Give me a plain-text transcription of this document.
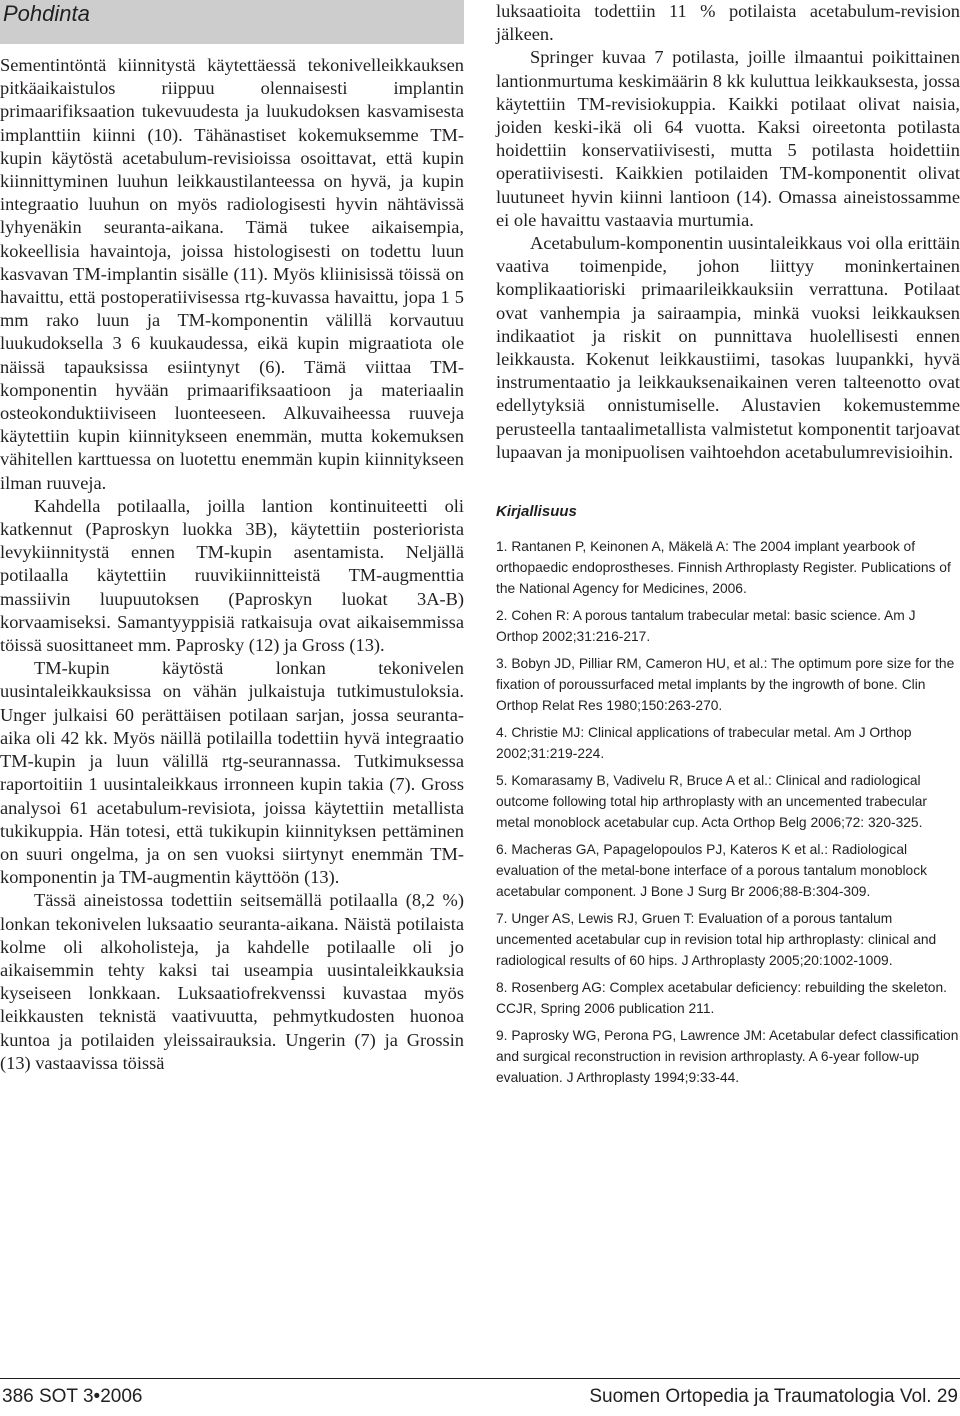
Pohdinta

Sementintöntä kiinnitystä käytettäessä tekonivelleikkauksen pitkäaikaistulos riippuu olennaisesti implantin primaarifiksaation tukevuudesta ja luukudoksen kasvamisesta implanttiin kiinni (10). Tähänastiset kokemuksemme TM-kupin käytöstä acetabulum-revisioissa osoittavat, että kupin kiinnittyminen luuhun leikkaustilanteessa on hyvä, ja kupin integraatio luuhun on myös radiologisesti hyvin nähtävissä lyhyenäkin seuranta-aikana. Tämä tukee aikaisempia, kokeellisia havaintoja, joissa histologisesti on todettu luun kasvavan TM-implantin sisälle (11). Myös kliinisissä töissä on havaittu, että postoperatiivisessa rtg-kuvassa havaittu, jopa 1 5 mm rako luun ja TM-komponentin välillä korvautuu luukudoksella 3 6 kuukaudessa, eikä kupin migraatiota ole näissä tapauksissa esiintynyt (6). Tämä viittaa TM-komponentin hyvään primaarifiksaatioon ja materiaalin osteokonduktiiviseen luonteeseen. Alkuvaiheessa ruuveja käytettiin kupin kiinnitykseen enemmän, mutta kokemuksen vähitellen karttuessa on luotettu enemmän kupin kiinnitykseen ilman ruuveja.

Kahdella potilaalla, joilla lantion kontinuiteetti oli katkennut (Paproskyn luokka 3B), käytettiin posteriorista levykiinnitystä ennen TM-kupin asentamista. Neljällä potilaalla käytettiin ruuvikiinnitteistä TM-augmenttia massiivin luupuutoksen (Paproskyn luokat 3A-B) korvaamiseksi. Samantyyppisiä ratkaisuja ovat aikaisemmissa töissä suosittaneet mm. Paprosky (12) ja Gross (13).

TM-kupin käytöstä lonkan tekonivelen uusintaleikkauksissa on vähän julkaistuja tutkimustuloksia. Unger julkaisi 60 perättäisen potilaan sarjan, jossa seuranta-aika oli 42 kk. Myös näillä potilailla todettiin hyvä integraatio TM-kupin ja luun välillä rtg-seurannassa. Tutkimuksessa raportoitiin 1 uusintaleikkaus irronneen kupin takia (7). Gross analysoi 61 acetabulum-revisiota, joissa käytettiin metallista tukikuppia. Hän totesi, että tukikupin kiinnityksen pettäminen on suuri ongelma, ja on sen vuoksi siirtynyt enemmän TM-komponentin ja TM-augmentin käyttöön (13).

Tässä aineistossa todettiin seitsemällä potilaalla (8,2 %) lonkan tekonivelen luksaatio seuranta-aikana. Näistä potilaista kolme oli alkoholisteja, ja kahdelle potilaalle oli jo aikaisemmin tehty kaksi tai useampia uusintaleikkauksia kyseiseen lonkkaan. Luksaatiofrekvenssi kuvastaa myös leikkausten teknistä vaativuutta, pehmytkudosten huonoa kuntoa ja potilaiden yleissairauksia. Ungerin (7) ja Grossin (13) vastaavissa töissä

luksaatioita todettiin 11 % potilaista acetabulum-revision jälkeen.

Springer kuvaa 7 potilasta, joille ilmaantui poikittainen lantionmurtuma keskimäärin 8 kk kuluttua leikkauksesta, jossa käytettiin TM-revisiokuppia. Kaikki potilaat olivat naisia, joiden keski-ikä oli 64 vuotta. Kaksi oireetonta potilasta hoidettiin konservatiivisesti, mutta 5 potilasta hoidettiin operatiivisesti. Kaikkien potilaiden TM-komponentit olivat luutuneet hyvin kiinni lantioon (14). Omassa aineistossamme ei ole havaittu vastaavia murtumia.

Acetabulum-komponentin uusintaleikkaus voi olla erittäin vaativa toimenpide, johon liittyy moninkertainen komplikaatioriski primaarileikkauksiin verrattuna. Potilaat ovat vanhempia ja sairaampia, minkä vuoksi leikkauksen indikaatiot ja riskit on punnittava huolellisesti ennen leikkausta. Kokenut leikkaustiimi, tasokas luupankki, hyvä instrumentaatio ja leikkauksenaikainen veren talteenotto ovat edellytyksiä onnistumiselle. Alustavien kokemustemme perusteella tantaalimetallista valmistetut komponentit tarjoavat lupaavan ja monipuolisen vaihtoehdon acetabulumrevisioihin.

Kirjallisuus
1. Rantanen P, Keinonen A, Mäkelä A: The 2004 implant yearbook of orthopaedic endoprostheses. Finnish Arthroplasty Register. Publications of the National Agency for Medicines, 2006.
2. Cohen R: A porous tantalum trabecular metal: basic science. Am J Orthop 2002;31:216-217.
3. Bobyn JD, Pilliar RM, Cameron HU, et al.: The optimum pore size for the fixation of poroussurfaced metal implants by the ingrowth of bone. Clin Orthop Relat Res 1980;150:263-270.
4. Christie MJ: Clinical applications of trabecular metal. Am J Orthop 2002;31:219-224.
5. Komarasamy B, Vadivelu R, Bruce A et al.: Clinical and radiological outcome following total hip arthroplasty with an uncemented trabecular metal monoblock acetabular cup. Acta Orthop Belg 2006;72: 320-325.
6. Macheras GA, Papagelopoulos PJ, Kateros K et al.: Radiological evaluation of the metal-bone interface of a porous tantalum monoblock acetabular component. J Bone J Surg Br 2006;88-B:304-309.
7. Unger AS, Lewis RJ, Gruen T: Evaluation of a porous tantalum uncemented acetabular cup in revision total hip arthroplasty: clinical and radiological results of 60 hips. J Arthroplasty 2005;20:1002-1009.
8. Rosenberg AG: Complex acetabular deficiency: rebuilding the skeleton. CCJR, Spring 2006 publication 211.
9. Paprosky WG, Perona PG, Lawrence JM: Acetabular defect classification and surgical reconstruction in revision arthroplasty. A 6-year follow-up evaluation. J Arthroplasty 1994;9:33-44.
386 SOT 3•2006	Suomen Ortopedia ja Traumatologia Vol. 29
